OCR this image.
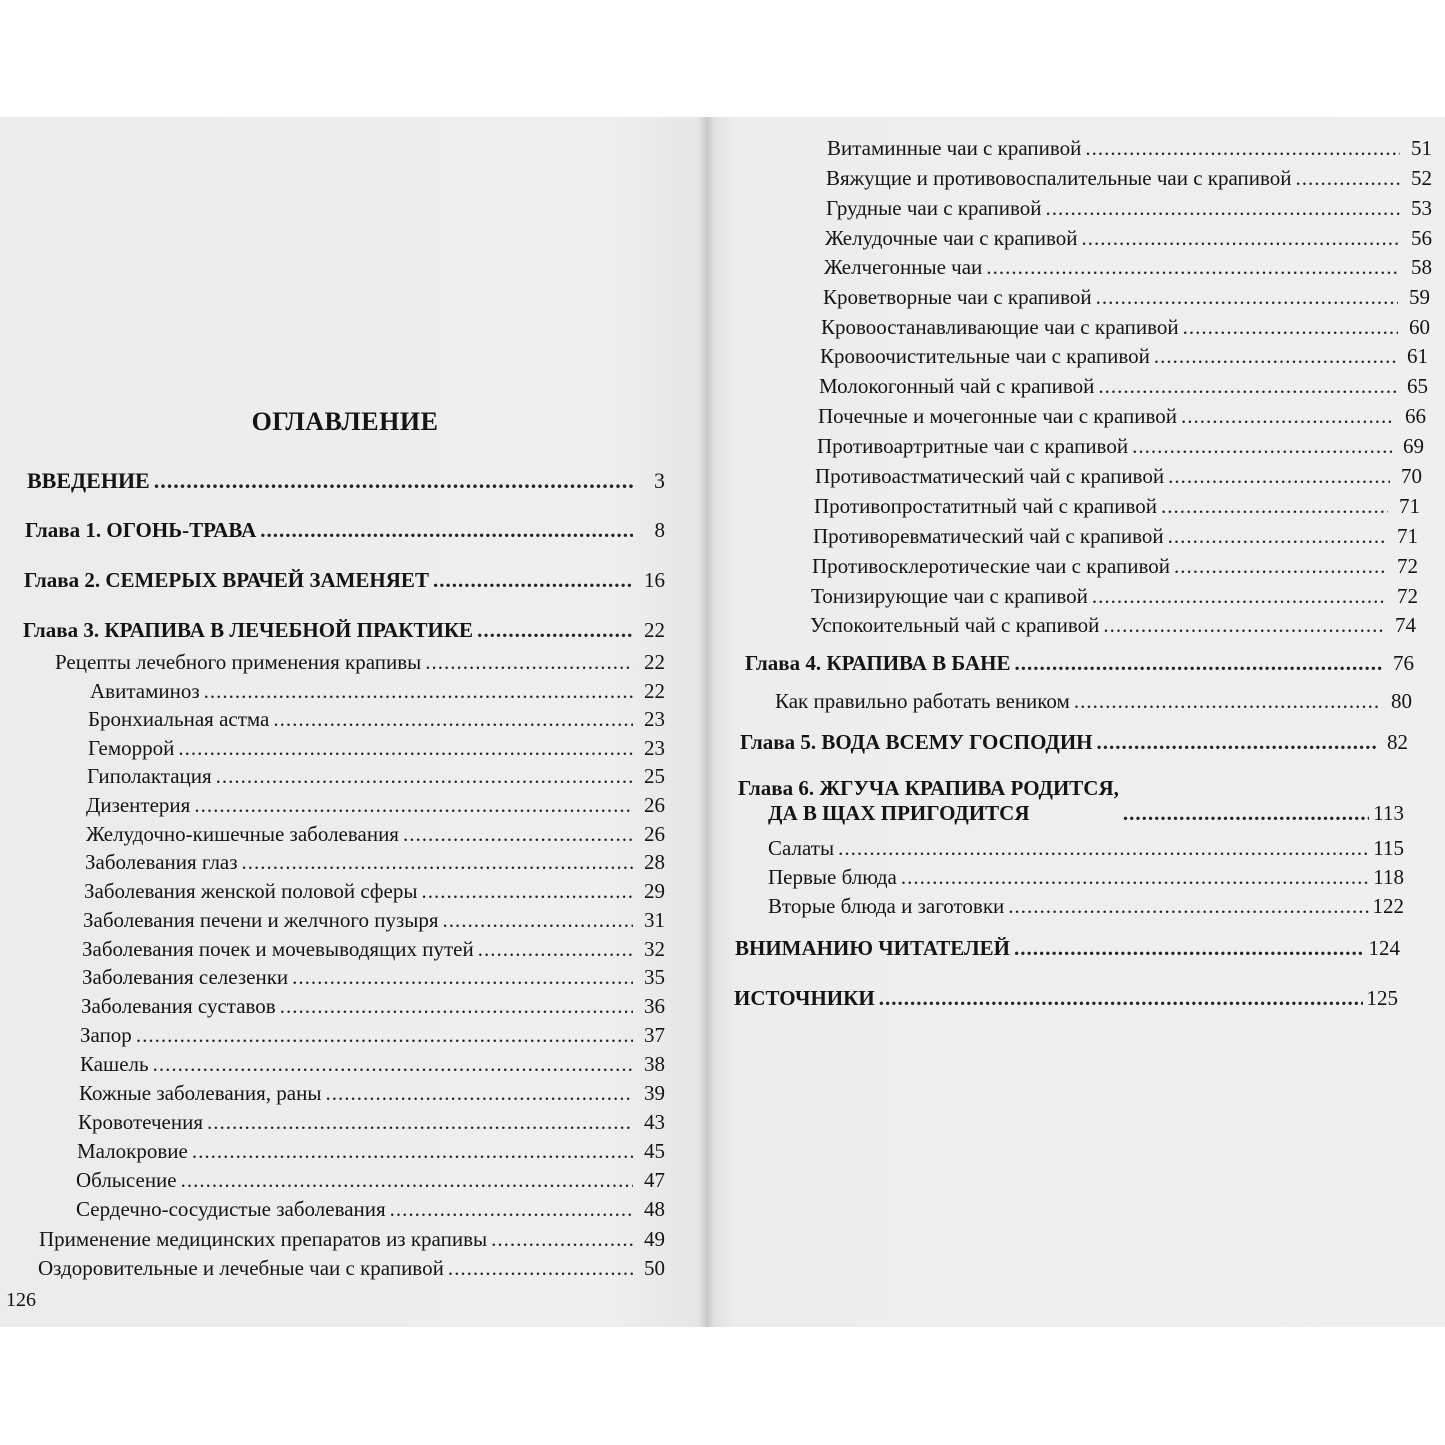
ОГЛАВЛЕНИЕ
126
ВВЕДЕНИЕ .....	3
Глава 1. ОГОНЬ-ТРАВА .....	8
Глава 2. СЕМЕРЫХ ВРАЧЕЙ ЗАМЕНЯЕТ .....	16
Глава 3. КРАПИВА В ЛЕЧЕБНОЙ ПРАКТИКЕ .....	22
Рецепты лечебного применения крапивы .....	22
Авитаминоз .....	22
Бронхиальная астма .....	23
Геморрой .....	23
Гиполактация .....	25
Дизентерия .....	26
Желудочно-кишечные заболевания .....	26
Заболевания глаз .....	28
Заболевания женской половой сферы .....	29
Заболевания печени и желчного пузыря .....	31
Заболевания почек и мочевыводящих путей .....	32
Заболевания селезенки .....	35
Заболевания суставов .....	36
Запор .....	37
Кашель .....	38
Кожные заболевания, раны .....	39
Кровотечения .....	43
Малокровие .....	45
Облысение .....	47
Сердечно-сосудистые заболевания .....	48
Применение медицинских препаратов из крапивы .....	49
Оздоровительные и лечебные чаи с крапивой .....	50
Витаминные чаи с крапивой .....	51
Вяжущие и противовоспалительные чаи с крапивой .....	52
Грудные чаи с крапивой .....	53
Желудочные чаи с крапивой .....	56
Желчегонные чаи .....	58
Кроветворные чаи с крапивой .....	59
Кровоостанавливающие чаи с крапивой .....	60
Кровоочистительные чаи с крапивой .....	61
Молокогонный чай с крапивой .....	65
Почечные и мочегонные чаи с крапивой .....	66
Противоартритные чаи с крапивой .....	69
Противоастматический чай с крапивой .....	70
Противопростатитный чай с крапивой .....	71
Противоревматический чай с крапивой .....	71
Противосклеротические чаи с крапивой .....	72
Тонизирующие чаи с крапивой .....	72
Успокоительный чай с крапивой .....	74
Глава 4. КРАПИВА В БАНЕ .....	76
Как правильно работать веником .....	80
Глава 5. ВОДА ВСЕМУ ГОСПОДИН .....	82
Глава 6. ЖГУЧА КРАПИВА РОДИТСЯ,
ДА В ЩАХ ПРИГОДИТСЯ .....	113
Салаты .....	115
Первые блюда .....	118
Вторые блюда и заготовки .....	122
ВНИМАНИЮ ЧИТАТЕЛЕЙ .....	124
ИСТОЧНИКИ .....	125
